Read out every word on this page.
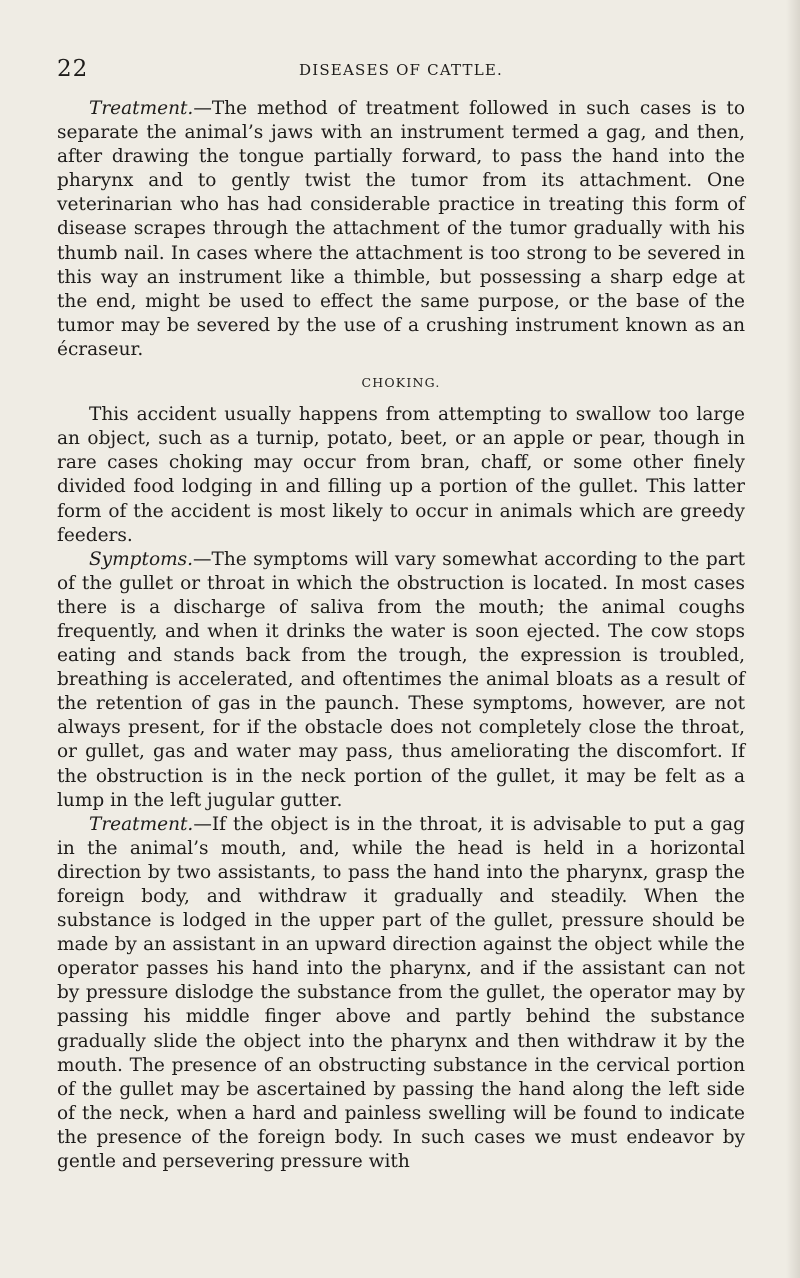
22	DISEASES OF CATTLE.

Treatment.—The method of treatment followed in such cases is to separate the animal’s jaws with an instrument termed a gag, and then, after drawing the tongue partially forward, to pass the hand into the pharynx and to gently twist the tumor from its attachment. One veterinarian who has had considerable practice in treating this form of disease scrapes through the attachment of the tumor gradually with his thumb nail. In cases where the attachment is too strong to be severed in this way an instrument like a thimble, but possessing a sharp edge at the end, might be used to effect the same purpose, or the base of the tumor may be severed by the use of a crushing instrument known as an écraseur.

CHOKING.

This accident usually happens from attempting to swallow too large an object, such as a turnip, potato, beet, or an apple or pear, though in rare cases choking may occur from bran, chaff, or some other finely divided food lodging in and filling up a portion of the gullet. This latter form of the accident is most likely to occur in animals which are greedy feeders.

Symptoms.—The symptoms will vary somewhat according to the part of the gullet or throat in which the obstruction is located. In most cases there is a discharge of saliva from the mouth; the animal coughs frequently, and when it drinks the water is soon ejected. The cow stops eating and stands back from the trough, the expression is troubled, breathing is accelerated, and oftentimes the animal bloats as a result of the retention of gas in the paunch. These symptoms, however, are not always present, for if the obstacle does not completely close the throat, or gullet, gas and water may pass, thus ameliorating the discomfort. If the obstruction is in the neck portion of the gullet, it may be felt as a lump in the left jugular gutter.

Treatment.—If the object is in the throat, it is advisable to put a gag in the animal’s mouth, and, while the head is held in a horizontal direction by two assistants, to pass the hand into the pharynx, grasp the foreign body, and withdraw it gradually and steadily. When the substance is lodged in the upper part of the gullet, pressure should be made by an assistant in an upward direction against the object while the operator passes his hand into the pharynx, and if the assistant can not by pressure dislodge the substance from the gullet, the operator may by passing his middle finger above and partly behind the substance gradually slide the object into the pharynx and then withdraw it by the mouth. The presence of an obstructing substance in the cervical portion of the gullet may be ascertained by passing the hand along the left side of the neck, when a hard and painless swelling will be found to indicate the presence of the foreign body. In such cases we must endeavor by gentle and persevering pressure with
